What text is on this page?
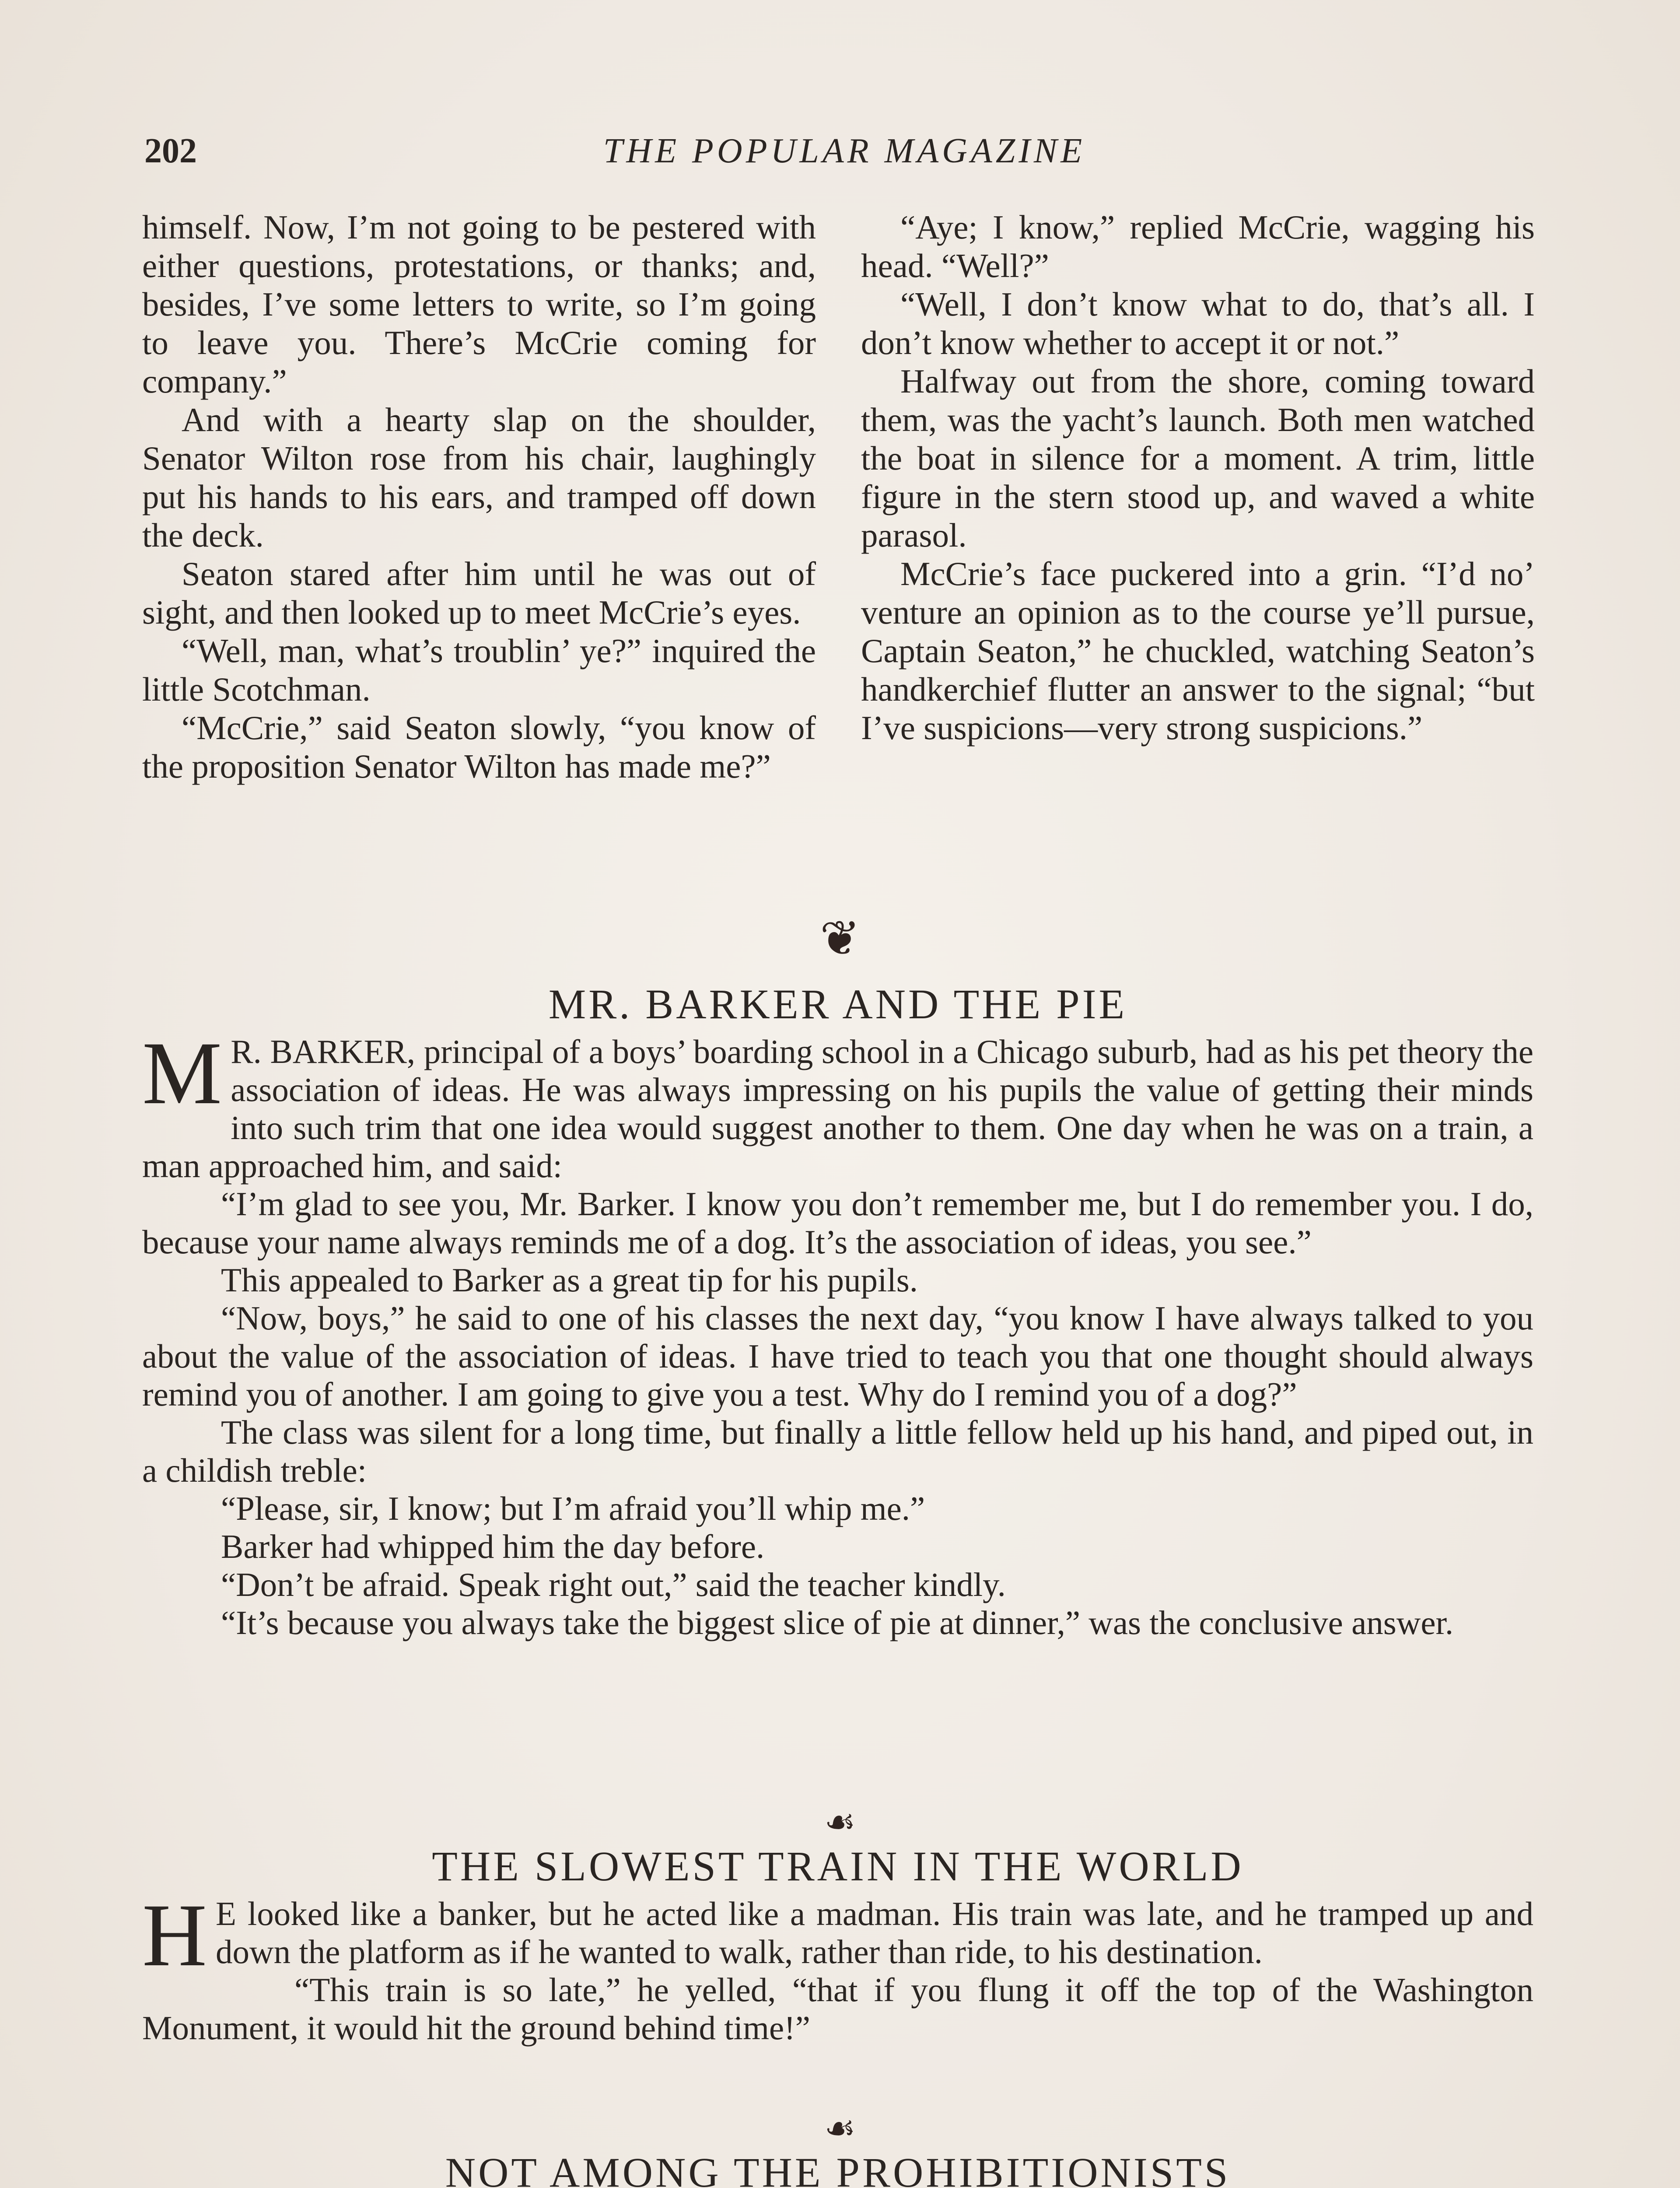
202	THE POPULAR MAGAZINE

himself. Now, I’m not going to be pestered with either questions, protestations, or thanks; and, besides, I’ve some letters to write, so I’m going to leave you. There’s McCrie coming for company.”

And with a hearty slap on the shoulder, Senator Wilton rose from his chair, laughingly put his hands to his ears, and tramped off down the deck.

Seaton stared after him until he was out of sight, and then looked up to meet McCrie’s eyes.

“Well, man, what’s troublin’ ye?” inquired the little Scotchman.

“McCrie,” said Seaton slowly, “you know of the proposition Senator Wilton has made me?”

“Aye; I know,” replied McCrie, wagging his head. “Well?”

“Well, I don’t know what to do, that’s all. I don’t know whether to accept it or not.”

Halfway out from the shore, coming toward them, was the yacht’s launch. Both men watched the boat in silence for a moment. A trim, little figure in the stern stood up, and waved a white parasol.

McCrie’s face puckered into a grin. “I’d no’ venture an opinion as to the course ye’ll pursue, Captain Seaton,” he chuckled, watching Seaton’s handkerchief flutter an answer to the signal; “but I’ve suspicions—very strong suspicions.”

❦
MR. BARKER AND THE PIE
M R. BARKER, principal of a boys’ boarding school in a Chicago suburb, had as his pet theory the association of ideas. He was always impressing on his pupils the value of getting their minds into such trim that one idea would suggest another to them. One day when he was on a train, a man approached him, and said:

“I’m glad to see you, Mr. Barker. I know you don’t remember me, but I do remember you. I do, because your name always reminds me of a dog. It’s the association of ideas, you see.”

This appealed to Barker as a great tip for his pupils.

“Now, boys,” he said to one of his classes the next day, “you know I have always talked to you about the value of the association of ideas. I have tried to teach you that one thought should always remind you of another. I am going to give you a test. Why do I remind you of a dog?”

The class was silent for a long time, but finally a little fellow held up his hand, and piped out, in a childish treble:

“Please, sir, I know; but I’m afraid you’ll whip me.”

Barker had whipped him the day before.

“Don’t be afraid. Speak right out,” said the teacher kindly.

“It’s because you always take the biggest slice of pie at dinner,” was the conclusive answer.

☙
THE SLOWEST TRAIN IN THE WORLD
H E looked like a banker, but he acted like a madman. His train was late, and he tramped up and down the platform as if he wanted to walk, rather than ride, to his destination.

“This train is so late,” he yelled, “that if you flung it off the top of the Washington Monument, it would hit the ground behind time!”

☙
NOT AMONG THE PROHIBITIONISTS
